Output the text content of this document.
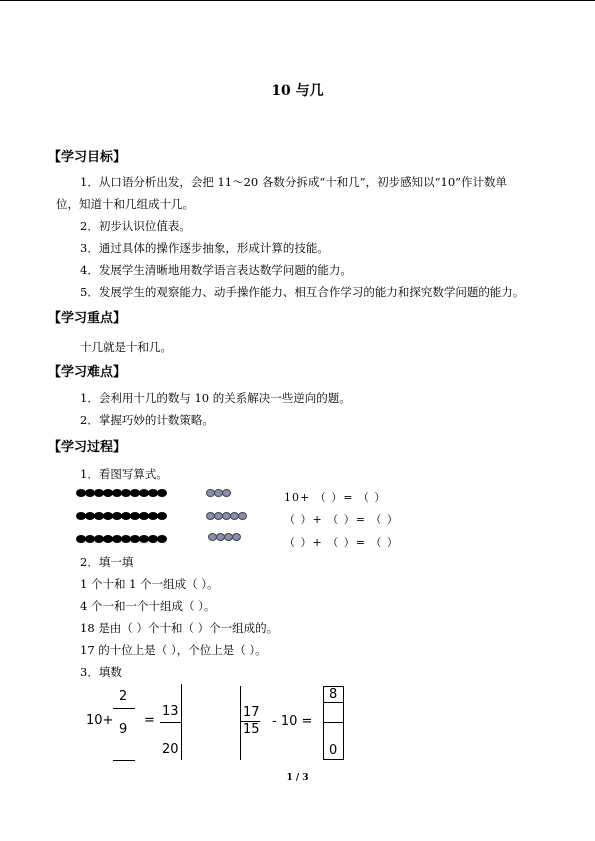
10 与几
【学习目标】
1．从口语分析出发，会把 11～20 各数分拆成“十和几”，初步感知以“10”作计数单
位，知道十和几组成十几。
2．初步认识位值表。
3．通过具体的操作逐步抽象，形成计算的技能。
4．发展学生清晰地用数学语言表达数学问题的能力。
5．发展学生的观察能力、动手操作能力、相互合作学习的能力和探究数学问题的能力。
【学习重点】
十几就是十和几。
【学习难点】
1．会利用十几的数与 10 的关系解决一些逆向的题。
2．掌握巧妙的计数策略。
【学习过程】
1．看图写算式。
10+ （ ）= （ ）
（ ）+ （ ）= （ ）
（ ）+ （ ）= （ ）
2．填一填
1 个十和 1 个一组成（ ）。
4 个一和一个十组成（ ）。
18 是由（ ）个十和（ ）个一组成的。
17 的十位上是（ ），个位上是（ ）。
3．填数
10+
2
9
=
13
20
17
15
- 10 =
8
0
1 / 3
